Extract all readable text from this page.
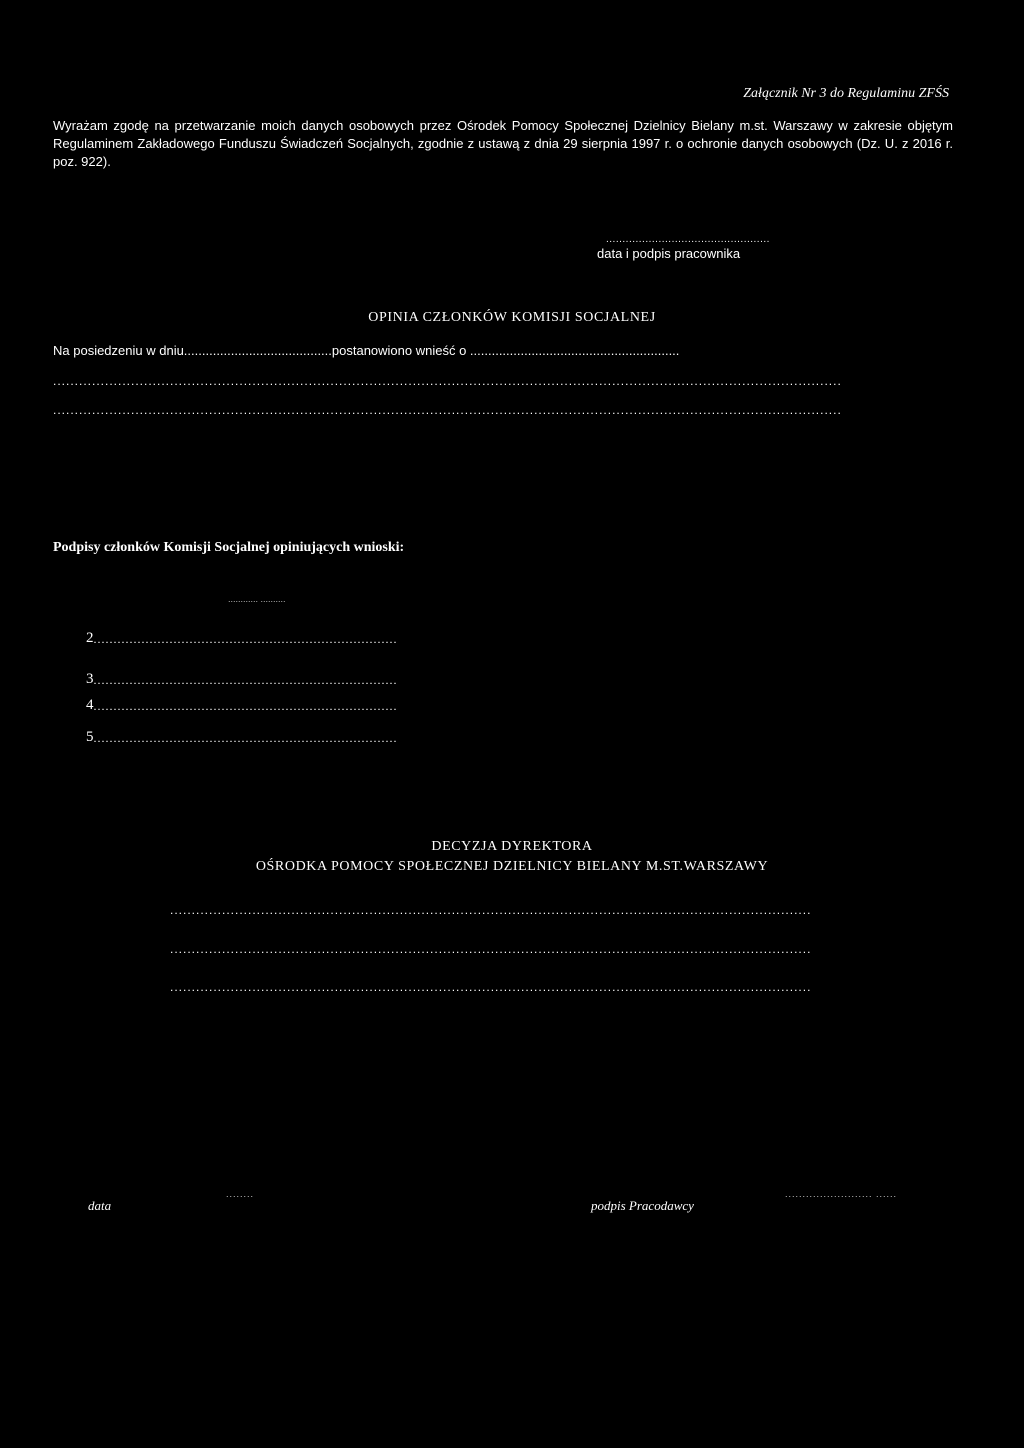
Załącznik Nr 3 do Regulaminu ZFŚS
Wyrażam zgodę na przetwarzanie moich danych osobowych przez Ośrodek Pomocy Społecznej Dzielnicy Bielany m.st. Warszawy w zakresie objętym Regulaminem Zakładowego Funduszu Świadczeń Socjalnych, zgodnie z ustawą z dnia 29 sierpnia 1997 r. o ochronie danych osobowych (Dz. U. z 2016 r. poz. 922).
..................................................
data i podpis pracownika
OPINIA CZŁONKÓW KOMISJI SOCJALNEJ
Na posiedzeniu w dniu.........................................postanowiono wnieść o ..........................................................
......................................................................................................................................................................................
......................................................................................................................................................................................
Podpisy członków Komisji Socjalnej opiniujących wnioski:
............ ..........
2............................................................................
3............................................................................
4............................................................................
5............................................................................
DECYZJA DYREKTORA
OŚRODKA POMOCY SPOŁECZNEJ DZIELNICY BIELANY M.ST.WARSZAWY
....................................................................................................................................................
....................................................................................................................................................
....................................................................................................................................................
........	......................... ......
data	podpis Pracodawcy
